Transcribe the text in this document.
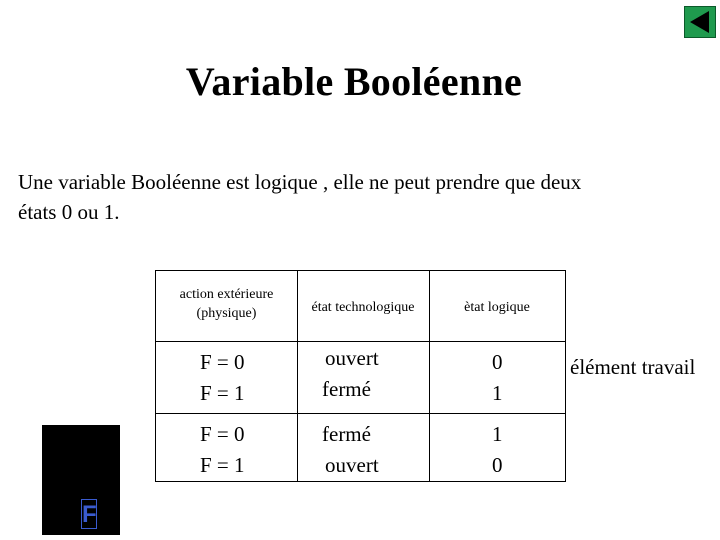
Variable Booléenne
Une variable Booléenne est logique , elle ne peut prendre que deux
états 0 ou 1.
action extérieure
(physique)	état technologique	ètat logique
F = 0
F = 1
ouvert
fermé
0
1
F = 0
F = 1
fermé
ouvert
1
0
élément travail
F
